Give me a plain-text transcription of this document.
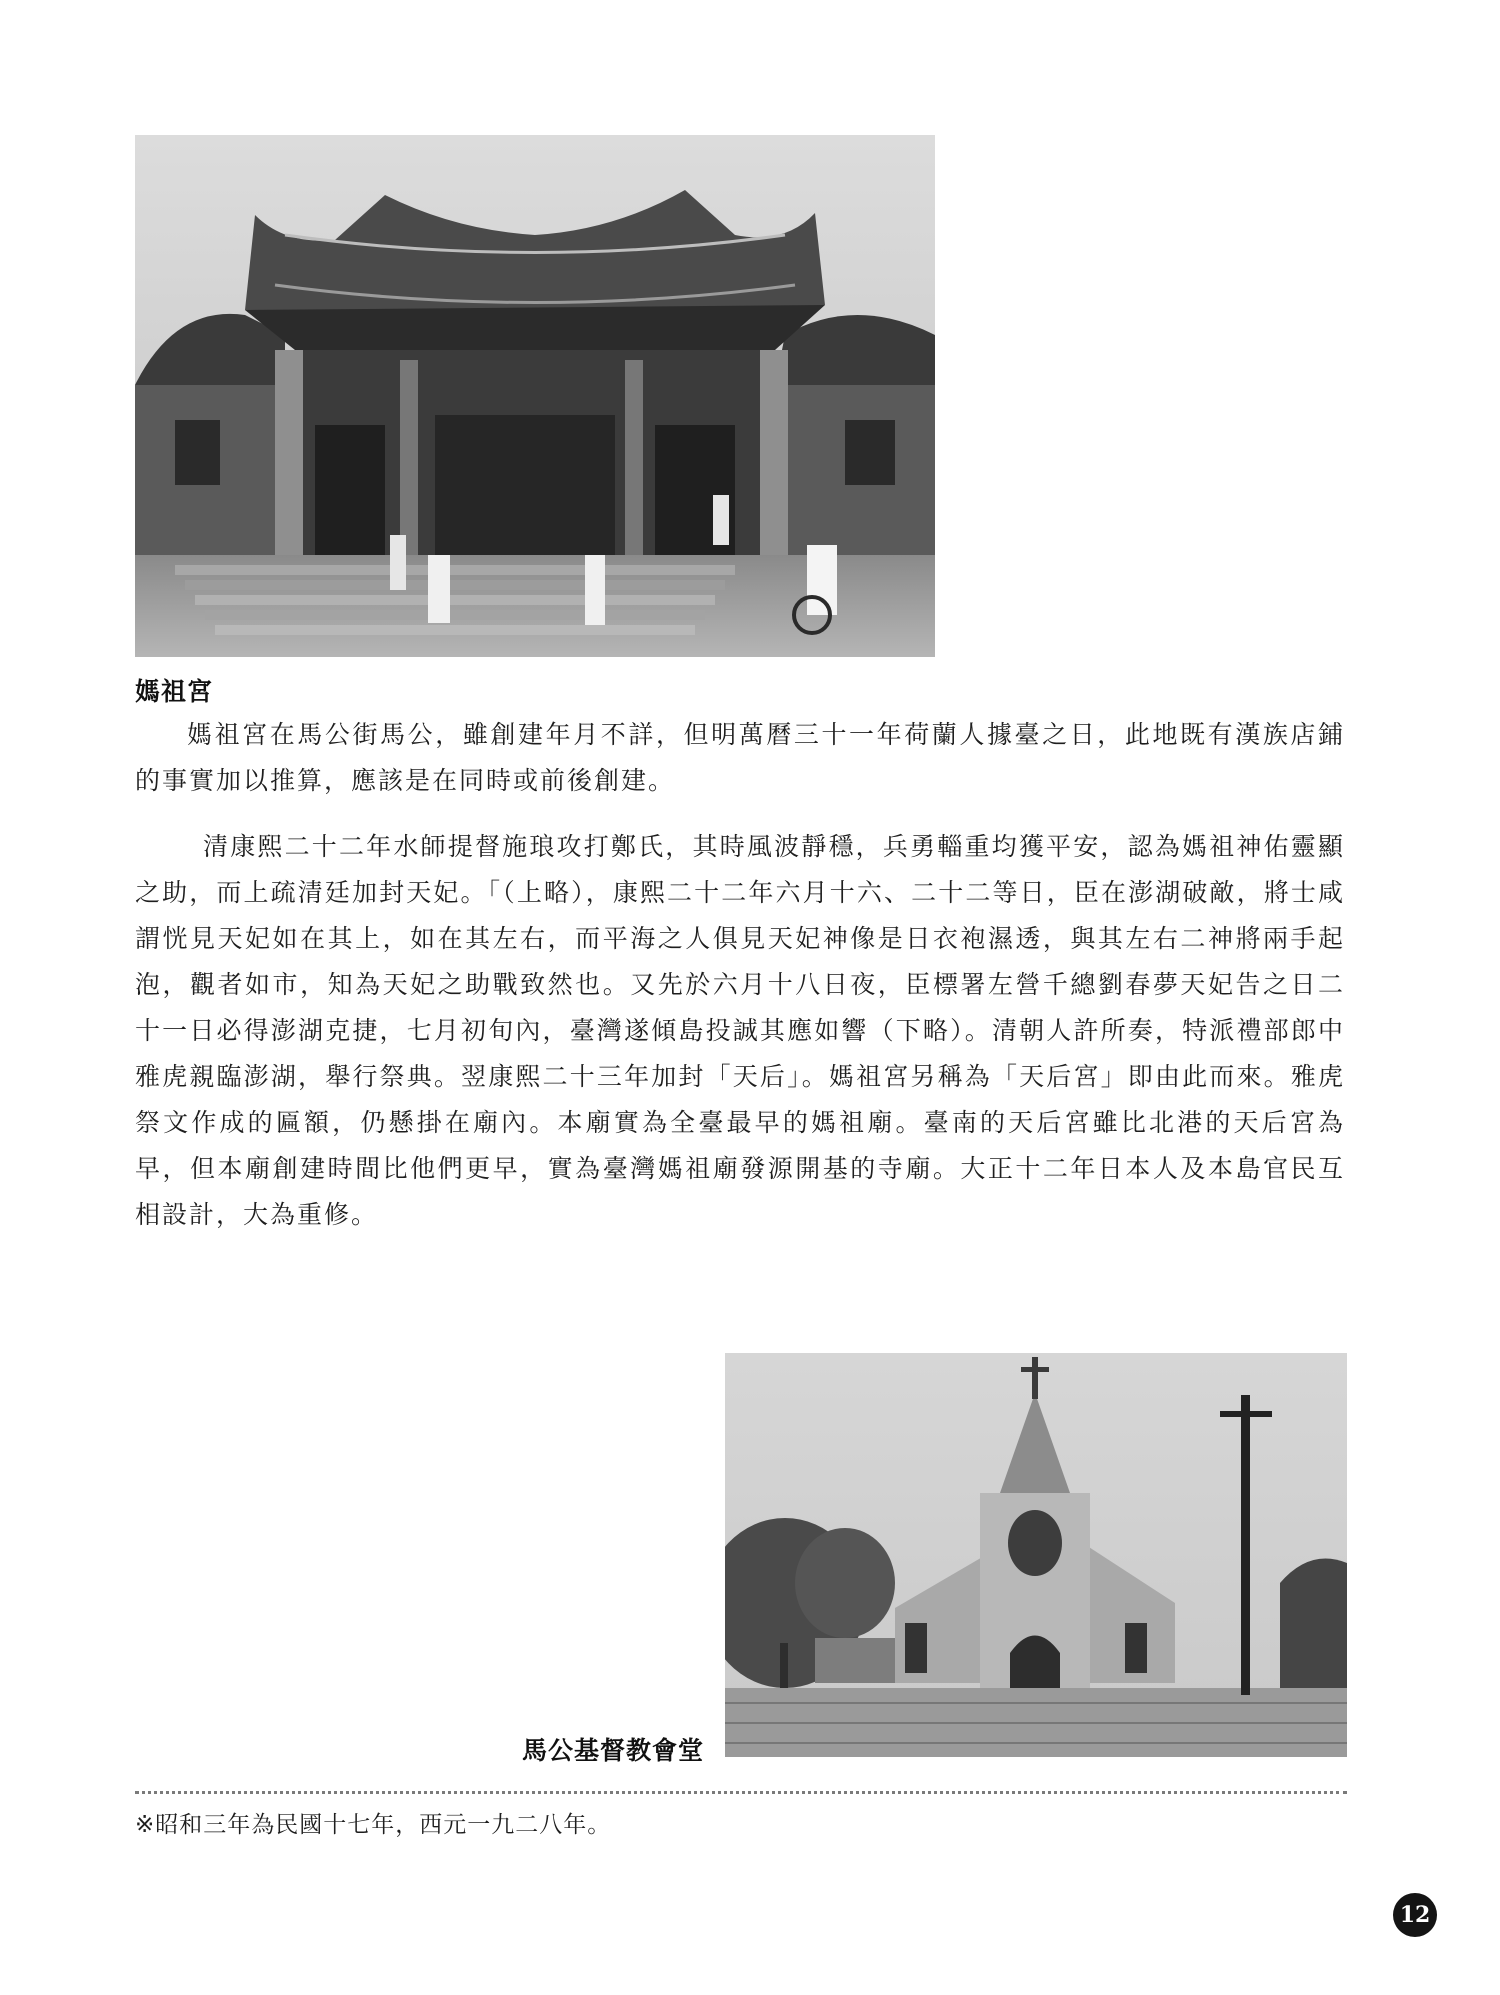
媽祖宮

媽祖宮在馬公街馬公，雖創建年月不詳，但明萬曆三十一年荷蘭人據臺之日，此地既有漢族店鋪的事實加以推算，應該是在同時或前後創建。

清康熙二十二年水師提督施琅攻打鄭氏，其時風波靜穩，兵勇輜重均獲平安，認為媽祖神佑靈顯之助，而上疏清廷加封天妃。「（上略），康熙二十二年六月十六、二十二等日，臣在澎湖破敵，將士咸謂恍見天妃如在其上，如在其左右，而平海之人俱見天妃神像是日衣袍濕透，與其左右二神將兩手起泡，觀者如市，知為天妃之助戰致然也。又先於六月十八日夜，臣標署左營千總劉春夢天妃告之日二十一日必得澎湖克捷，七月初旬內，臺灣遂傾島投誠其應如響（下略）。清朝人許所奏，特派禮部郎中雅虎親臨澎湖，舉行祭典。翌康熙二十三年加封「天后」。媽祖宮另稱為「天后宮」即由此而來。雅虎祭文作成的匾額，仍懸掛在廟內。本廟實為全臺最早的媽祖廟。臺南的天后宮雖比北港的天后宮為早，但本廟創建時間比他們更早，實為臺灣媽祖廟發源開基的寺廟。大正十二年日本人及本島官民互相設計，大為重修。

馬公基督教會堂
※昭和三年為民國十七年，西元一九二八年。
12
